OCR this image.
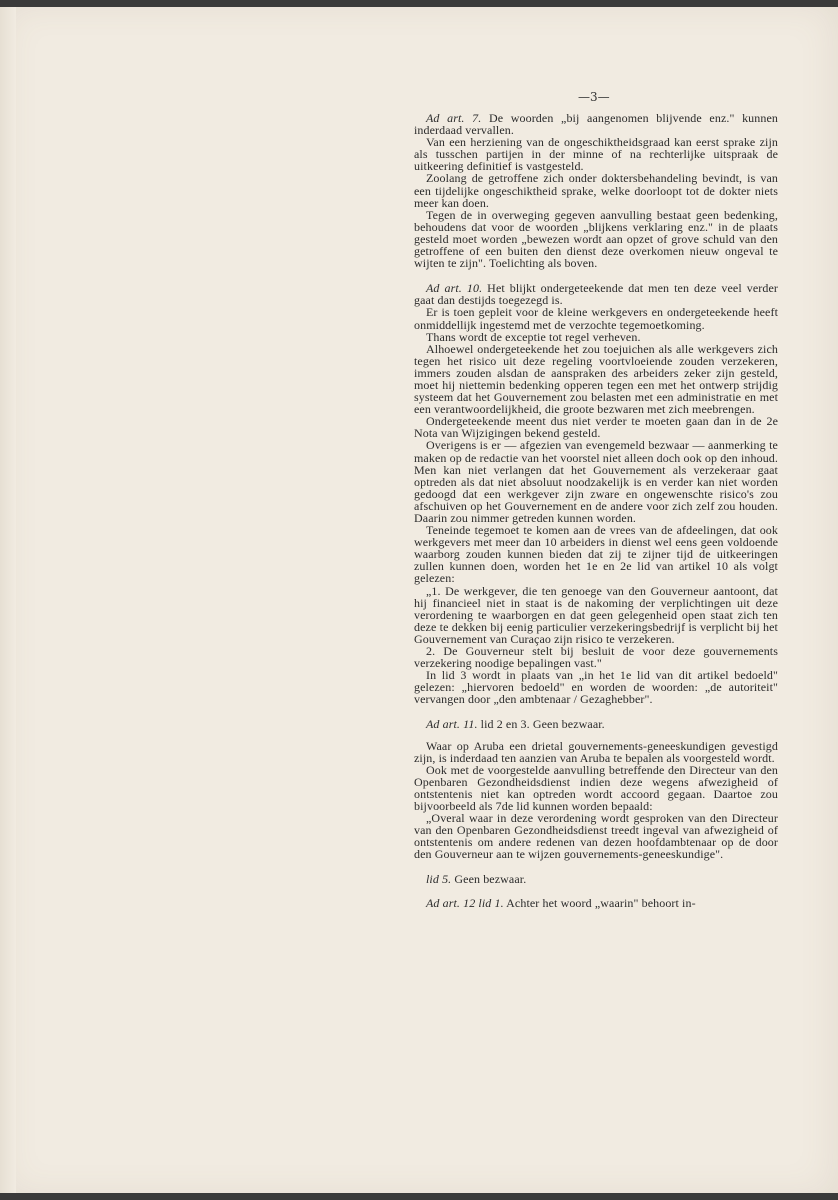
—3—

Ad art. 7. De woorden „bij aangenomen blijvende enz." kunnen inderdaad vervallen.

Van een herziening van de ongeschiktheidsgraad kan eerst sprake zijn als tusschen partijen in der minne of na rechterlijke uitspraak de uitkeering definitief is vastgesteld.

Zoolang de getroffene zich onder doktersbehandeling bevindt, is van een tijdelijke ongeschiktheid sprake, welke doorloopt tot de dokter niets meer kan doen.

Tegen de in overweging gegeven aanvulling bestaat geen bedenking, behoudens dat voor de woorden „blijkens verklaring enz." in de plaats gesteld moet worden „bewezen wordt aan opzet of grove schuld van den getroffene of een buiten den dienst deze overkomen nieuw ongeval te wijten te zijn". Toelichting als boven.

Ad art. 10. Het blijkt ondergeteekende dat men ten deze veel verder gaat dan destijds toegezegd is.

Er is toen gepleit voor de kleine werkgevers en ondergeteekende heeft onmiddellijk ingestemd met de verzochte tegemoetkoming.

Thans wordt de exceptie tot regel verheven.

Alhoewel ondergeteekende het zou toejuichen als alle werkgevers zich tegen het risico uit deze regeling voortvloeiende zouden verzekeren, immers zouden alsdan de aanspraken des arbeiders zeker zijn gesteld, moet hij niettemin bedenking opperen tegen een met het ontwerp strijdig systeem dat het Gouvernement zou belasten met een administratie en met een verantwoordelijkheid, die groote bezwaren met zich meebrengen.

Ondergeteekende meent dus niet verder te moeten gaan dan in de 2e Nota van Wijzigingen bekend gesteld.

Overigens is er — afgezien van evengemeld bezwaar — aanmerking te maken op de redactie van het voorstel niet alleen doch ook op den inhoud. Men kan niet verlangen dat het Gouvernement als verzekeraar gaat optreden als dat niet absoluut noodzakelijk is en verder kan niet worden gedoogd dat een werkgever zijn zware en ongewenschte risico's zou afschuiven op het Gouvernement en de andere voor zich zelf zou houden. Daarin zou nimmer getreden kunnen worden.

Teneinde tegemoet te komen aan de vrees van de afdeelingen, dat ook werkgevers met meer dan 10 arbeiders in dienst wel eens geen voldoende waarborg zouden kunnen bieden dat zij te zijner tijd de uitkeeringen zullen kunnen doen, worden het 1e en 2e lid van artikel 10 als volgt gelezen:

„1. De werkgever, die ten genoege van den Gouverneur aantoont, dat hij financieel niet in staat is de nakoming der verplichtingen uit deze verordening te waarborgen en dat geen gelegenheid open staat zich ten deze te dekken bij eenig particulier verzekeringsbedrijf is verplicht bij het Gouvernement van Curaçao zijn risico te verzekeren.

2. De Gouverneur stelt bij besluit de voor deze gouvernements verzekering noodige bepalingen vast."

In lid 3 wordt in plaats van „in het 1e lid van dit artikel bedoeld" gelezen: „hiervoren bedoeld" en worden de woorden: „de autoriteit" vervangen door „den ambtenaar / Gezaghebber".

Ad art. 11. lid 2 en 3. Geen bezwaar.

Waar op Aruba een drietal gouvernements-geneeskundigen gevestigd zijn, is inderdaad ten aanzien van Aruba te bepalen als voorgesteld wordt.

Ook met de voorgestelde aanvulling betreffende den Directeur van den Openbaren Gezondheidsdienst indien deze wegens afwezigheid of ontstentenis niet kan optreden wordt accoord gegaan. Daartoe zou bijvoorbeeld als 7de lid kunnen worden bepaald:

„Overal waar in deze verordening wordt gesproken van den Directeur van den Openbaren Gezondheidsdienst treedt ingeval van afwezigheid of ontstentenis om andere redenen van dezen hoofdambtenaar op de door den Gouverneur aan te wijzen gouvernements-geneeskundige".

lid 5. Geen bezwaar.

Ad art. 12 lid 1. Achter het woord „waarin" behoort in-
